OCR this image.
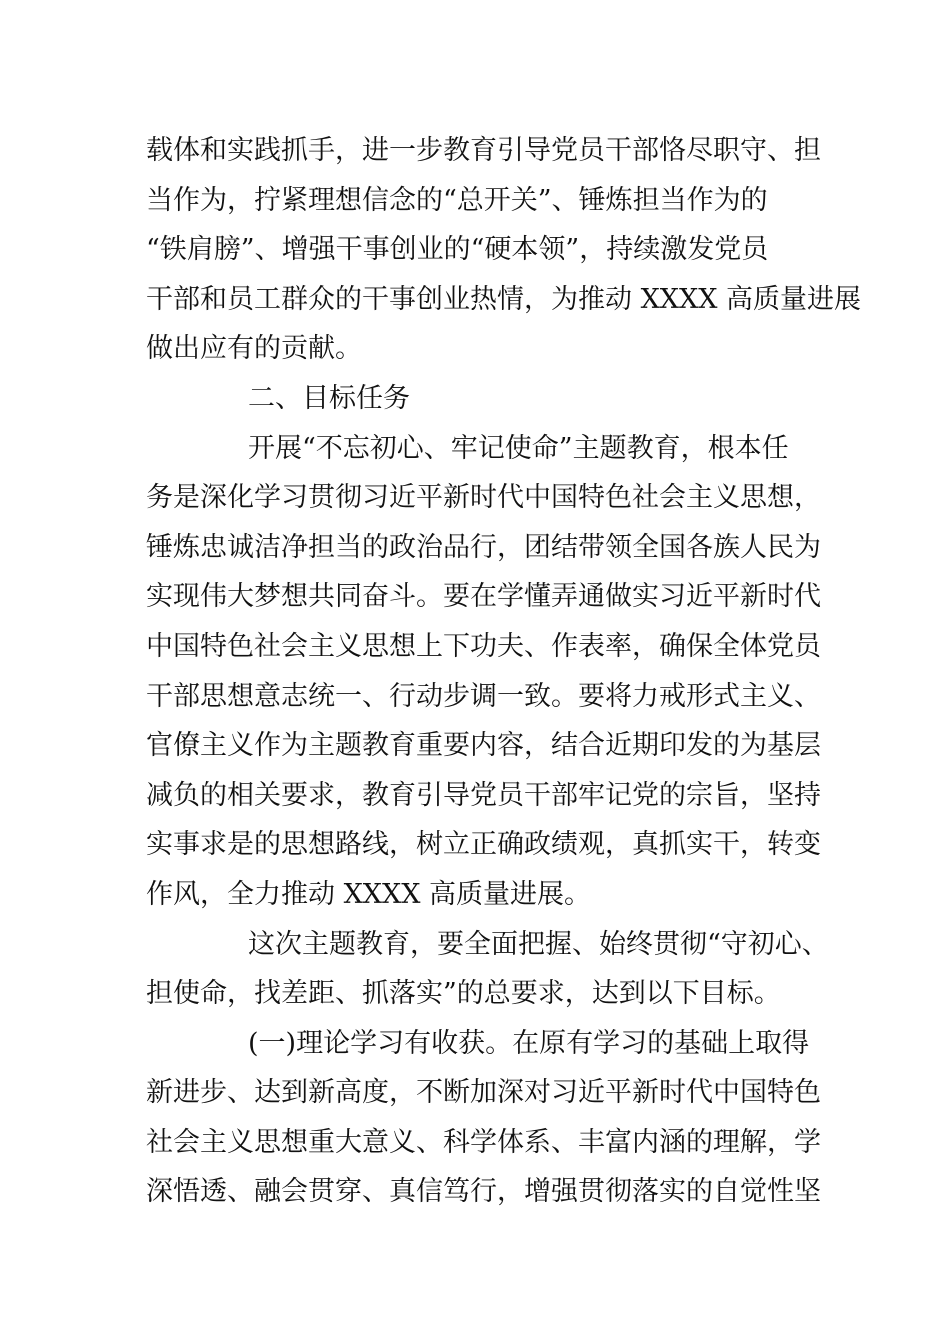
载体和实践抓手，进一步教育引导党员干部恪尽职守、担
当作为，拧紧理想信念的“总开关”、锤炼担当作为的
“铁肩膀”、增强干事创业的“硬本领”，持续激发党员
干部和员工群众的干事创业热情，为推动 XXXX 高质量进展
做出应有的贡献。
二、目标任务
开展“不忘初心、牢记使命”主题教育，根本任
务是深化学习贯彻习近平新时代中国特色社会主义思想，
锤炼忠诚洁净担当的政治品行，团结带领全国各族人民为
实现伟大梦想共同奋斗。要在学懂弄通做实习近平新时代
中国特色社会主义思想上下功夫、作表率，确保全体党员
干部思想意志统一、行动步调一致。要将力戒形式主义、
官僚主义作为主题教育重要内容，结合近期印发的为基层
减负的相关要求，教育引导党员干部牢记党的宗旨，坚持
实事求是的思想路线，树立正确政绩观，真抓实干，转变
作风，全力推动 XXXX 高质量进展。
这次主题教育，要全面把握、始终贯彻“守初心、
担使命，找差距、抓落实”的总要求，达到以下目标。
(一)理论学习有收获。在原有学习的基础上取得
新进步、达到新高度，不断加深对习近平新时代中国特色
社会主义思想重大意义、科学体系、丰富内涵的理解，学
深悟透、融会贯穿、真信笃行，增强贯彻落实的自觉性坚
